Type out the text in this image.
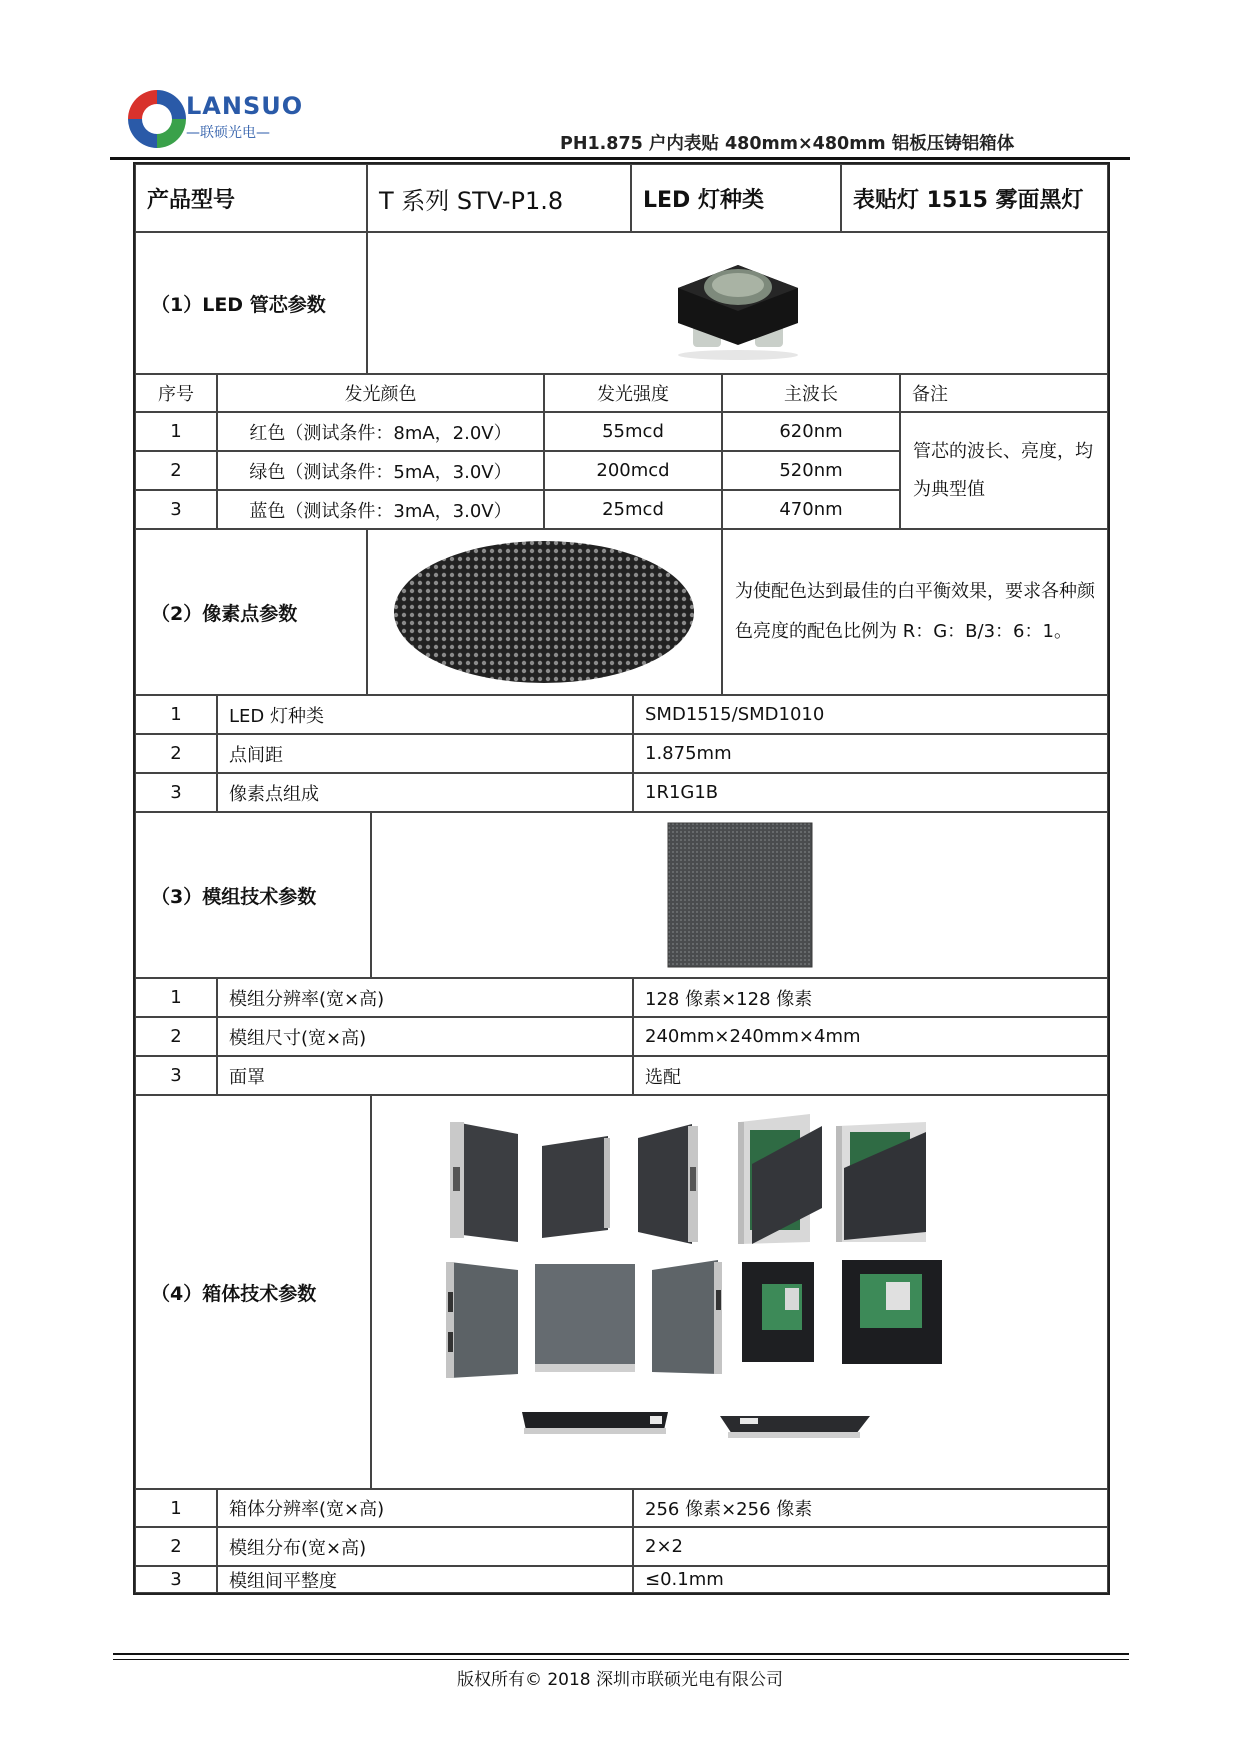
LANSUO
—联硕光电—
PH1.875 户内表贴 480mm×480mm 铝板压铸铝箱体
产品型号	T 系列 STV-P1.8	LED 灯种类	表贴灯 1515 雾面黑灯
（1）LED 管芯参数
序号	发光颜色	发光强度	主波长	备注
1	红色（测试条件：8mA，2.0V）	55mcd	620nm
2	绿色（测试条件：5mA，3.0V）	200mcd	520nm
3	蓝色（测试条件：3mA，3.0V）	25mcd	470nm
管芯的波长、亮度，均为典型值
（2）像素点参数
为使配色达到最佳的白平衡效果，要求各种颜色亮度的配色比例为 R：G：B/3：6：1。
1	LED 灯种类	SMD1515/SMD1010
2	点间距	1.875mm
3	像素点组成	1R1G1B
（3）模组技术参数
1	模组分辨率(宽×高)	128 像素×128 像素
2	模组尺寸(宽×高)	240mm×240mm×4mm
3	面罩	选配
（4）箱体技术参数
1	箱体分辨率(宽×高)	256 像素×256 像素
2	模组分布(宽×高)	2×2
3	模组间平整度	≤0.1mm
版权所有© 2018 深圳市联硕光电有限公司
